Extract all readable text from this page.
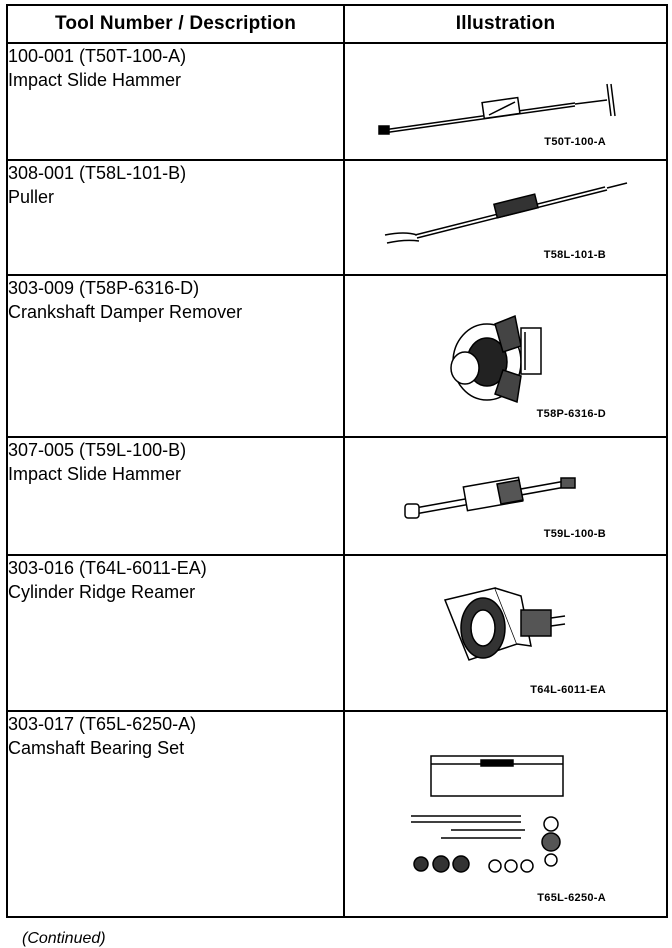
Tool Number / Description	Illustration

100-001 (T50T-100-A)
Impact Slide Hammer	T50T-100-A

308-001 (T58L-101-B)
Puller	T58L-101-B

303-009 (T58P-6316-D)
Crankshaft Damper Remover	T58P-6316-D

307-005 (T59L-100-B)
Impact Slide Hammer	T59L-100-B

303-016 (T64L-6011-EA)
Cylinder Ridge Reamer	T64L-6011-EA

303-017 (T65L-6250-A)
Camshaft Bearing Set	T65L-6250-A
(Continued)
